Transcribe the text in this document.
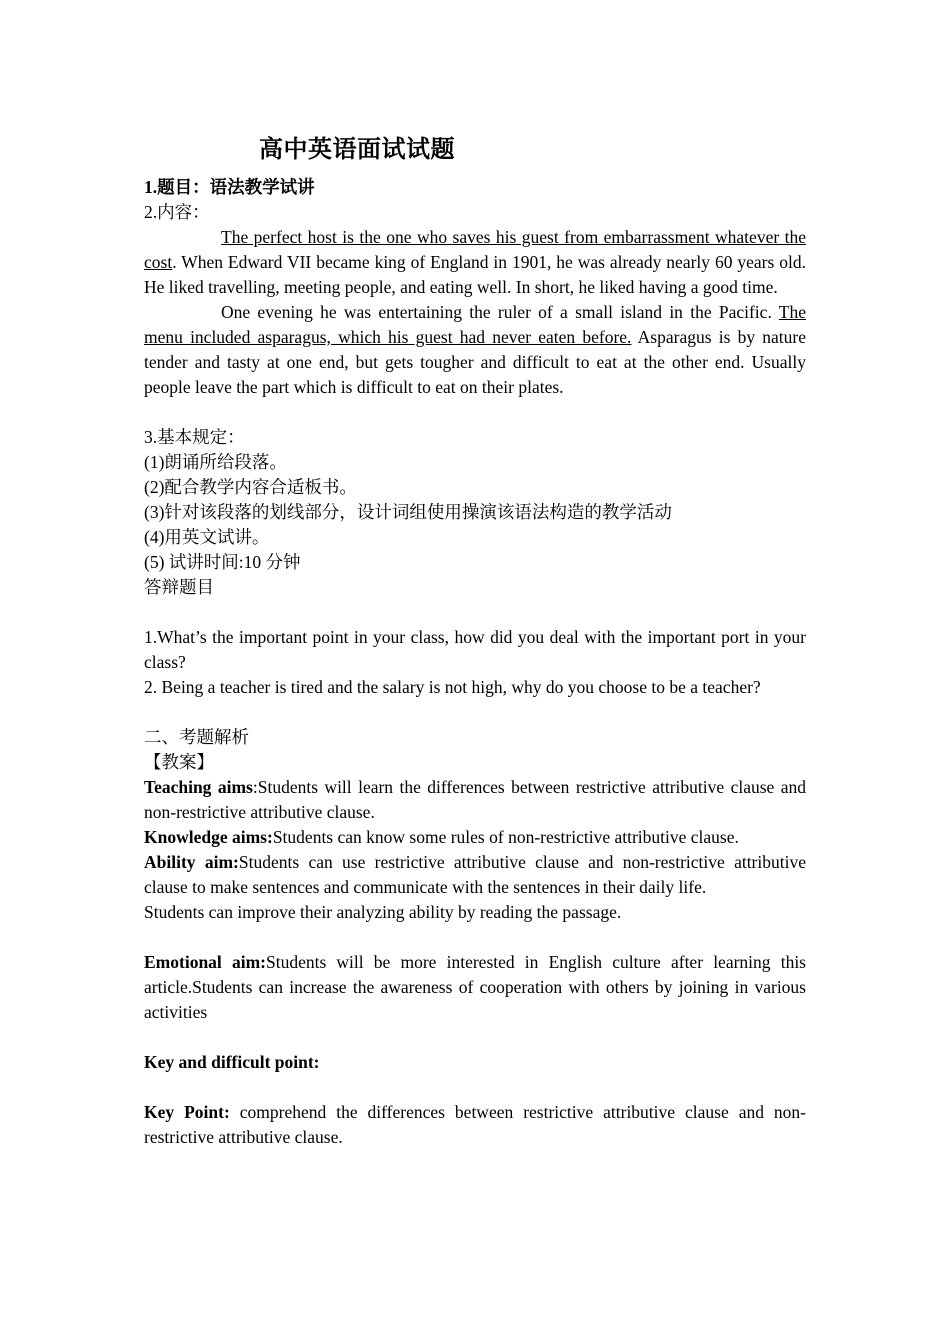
高中英语面试试题

1.题目：语法教学试讲

2.内容：

The perfect host is the one who saves his guest from embarrassment whatever the cost. When Edward VII became king of England in 1901, he was already nearly 60 years old. He liked travelling, meeting people, and eating well. In short, he liked having a good time.

One evening he was entertaining the ruler of a small island in the Pacific. The menu included asparagus, which his guest had never eaten before. Asparagus is by nature tender and tasty at one end, but gets tougher and difficult to eat at the other end. Usually people leave the part which is difficult to eat on their plates.

3.基本规定：

(1)朗诵所给段落。

(2)配合教学内容合适板书。

(3)针对该段落的划线部分，设计词组使用操演该语法构造的教学活动

(4)用英文试讲。

(5) 试讲时间:10 分钟

答辩题目

1.What’s the important point in your class, how did you deal with the important port in your class?

2. Being a teacher is tired and the salary is not high, why do you choose to be a teacher?

二、考题解析

【教案】

Teaching aims:Students will learn the differences between restrictive attributive clause and non-restrictive attributive clause.

Knowledge aims:Students can know some rules of non-restrictive attributive clause.

Ability aim:Students can use restrictive attributive clause and non-restrictive attributive clause to make sentences and communicate with the sentences in their daily life.

Students can improve their analyzing ability by reading the passage.

Emotional aim:Students will be more interested in English culture after learning this article.Students can increase the awareness of cooperation with others by joining in various activities

Key and difficult point:

Key Point: comprehend the differences between restrictive attributive clause and non-restrictive attributive clause.
